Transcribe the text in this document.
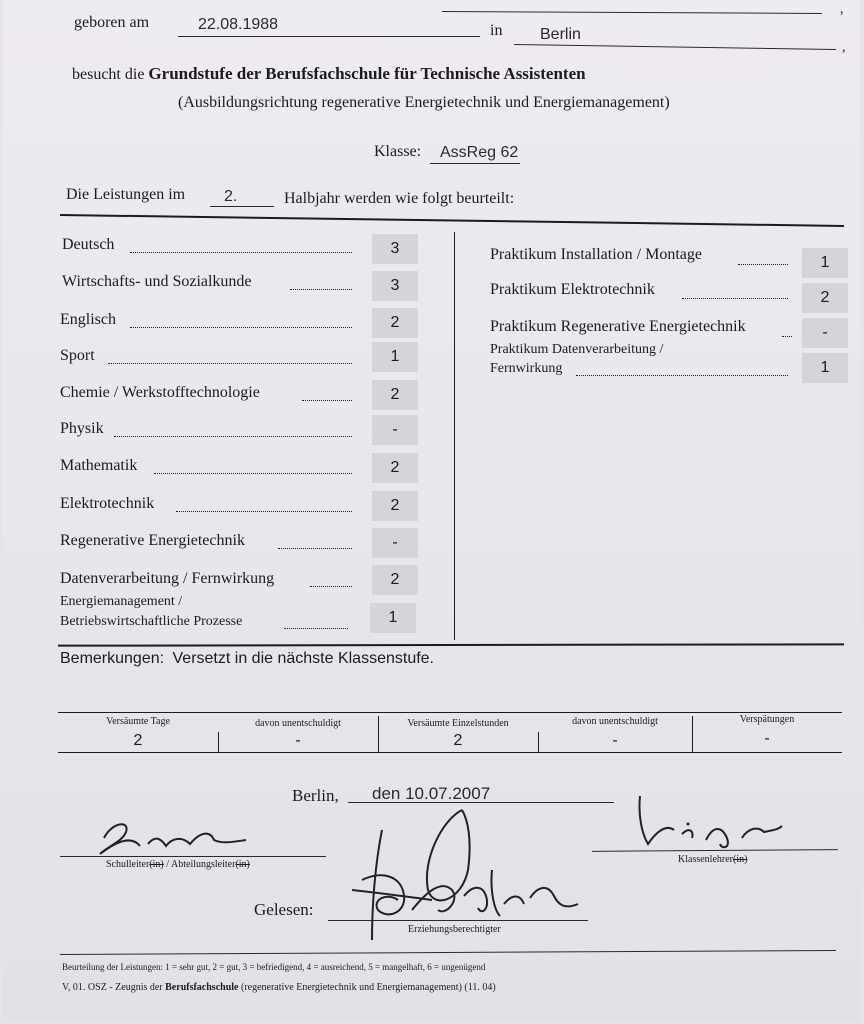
,
geboren am	22.08.1988	in Berlin
,
besucht die Grundstufe der Berufsfachschule für Technische Assistenten
(Ausbildungsrichtung regenerative Energietechnik und Energiemanagement)
Klasse: AssReg 62
Die Leistungen im 2.	Halbjahr werden wie folgt beurteilt:
Deutsch	3
Wirtschafts- und Sozialkunde	3
Englisch	2
Sport	1
Chemie / Werkstofftechnologie	2
Physik	-
Mathematik	2
Elektrotechnik	2
Regenerative Energietechnik	-
Datenverarbeitung / Fernwirkung	2
Energiemanagement /
Betriebswirtschaftliche Prozesse	1
Praktikum Installation / Montage	1
Praktikum Elektrotechnik	2
Praktikum Regenerative Energietechnik	-
Praktikum Datenverarbeitung /
Fernwirkung	1
Bemerkungen: Versetzt in die nächste Klassenstufe.
Versäumte Tage	davon unentschuldigt	Versäumte Einzelstunden	davon unentschuldigt	Verspätungen
2	-	2	-	-
Berlin, den 10.07.2007
Schulleiter(in) / Abteilungsleiter(in)	Klassenlehrer(in)
Gelesen:
Erziehungsberechtigter
Beurteilung der Leistungen: 1 = sehr gut, 2 = gut, 3 = befriedigend, 4 = ausreichend, 5 = mangelhaft, 6 = ungenügend
V, 01. OSZ - Zeugnis der Berufsfachschule (regenerative Energietechnik und Energiemanagement) (11. 04)
